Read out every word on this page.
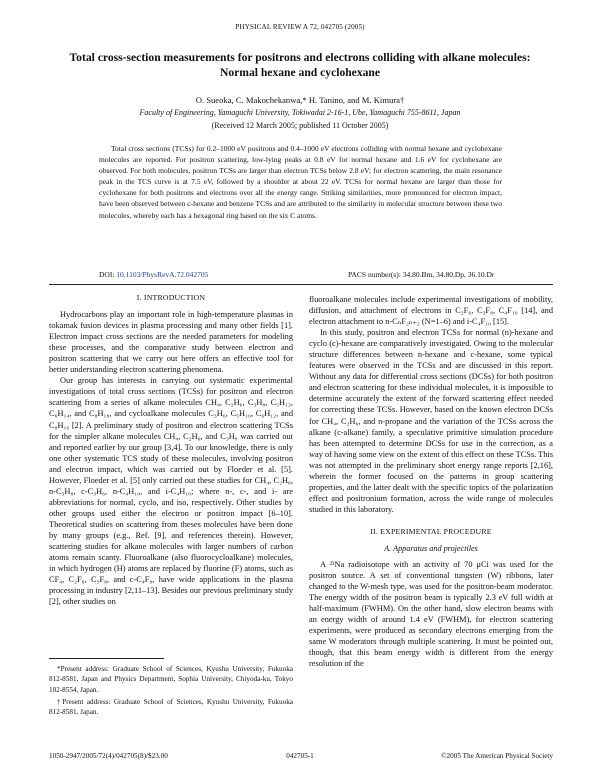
PHYSICAL REVIEW A 72, 042705 (2005)
Total cross-section measurements for positrons and electrons colliding with alkane molecules:
Normal hexane and cyclohexane
O. Sueoka, C. Makochekanwa,* H. Tanino, and M. Kimura†
Faculty of Engineering, Yamaguchi University, Tokiwadai 2-16-1, Ube, Yamaguchi 755-8611, Japan
(Received 12 March 2005; published 11 October 2005)
Total cross sections (TCSs) for 0.2–1000 eV positrons and 0.4–1000 eV electrons colliding with normal hexane and cyclohexane molecules are reported. For positron scattering, low-lying peaks at 0.8 eV for normal hexane and 1.6 eV for cyclohexane are observed. For both molecules, positron TCSs are larger than electron TCSs below 2.8 eV; for electron scattering, the main resonance peak in the TCS curve is at 7.5 eV, followed by a shoulder at about 22 eV. TCSs for normal hexane are larger than those for cyclohexane for both positrons and electrons over all the energy range. Striking similarities, more pronounced for electron impact, have been observed between c-hexane and benzene TCSs and are attributed to the similarity in molecular structure between these two molecules, whereby each has a hexagonal ring based on the six C atoms.
DOI: 10.1103/PhysRevA.72.042705	PACS number(s): 34.80.Bm, 34.80.Dp, 36.10.Dr
I. INTRODUCTION

Hydrocarbons play an important role in high-temperature plasmas in tokamak fusion devices in plasma processing and many other fields [1]. Electron impact cross sections are the needed parameters for modeling these processes, and the comparative study between electron and positron scattering that we carry out here offers an effective tool for better understanding electron scattering phenomena.

Our group has interests in carrying out systematic experimental investigations of total cross sections (TCSs) for positron and electron scattering from a series of alkane molecules CH₄, C₂H₆, C₃H₈, C₅H₁₂, C₆H₁₄, and C₈H₁₈, and cycloalkane molecules C₃H₆, C₅H₁₀, C₆H₁₂, and C₈H₁₆ [2]. A preliminary study of positron and electron scattering TCSs for the simpler alkane molecules CH₄, C₂H₆, and C₃H₈ was carried out and reported earlier by our group [3,4]. To our knowledge, there is only one other systematic TCS study of these molecules, involving positron and electron impact, which was carried out by Floeder et al. [5]. However, Floeder et al. [5] only carried out these studies for CH₄, C₂H₆, n-C₃H₈, c-C₃H₆, n-C₄H₁₀, and i-C₄H₁₀; where n-, c-, and i- are abbreviations for normal, cyclo, and iso, respectively. Other studies by other groups used either the electron or positron impact [6–10]. Theoretical studies on scattering from theses molecules have been done by many groups (e.g., Ref. [9], and references therein). However, scattering studies for alkane molecules with larger numbers of carbon atoms remain scanty. Fluoroalkane (also fluorocycloalkane) molecules, in which hydrogen (H) atoms are replaced by fluorine (F) atoms, such as CF₄, C₂F₆, C₃F₈, and c-C₄F₈, have wide applications in the plasma processing in industry [2,11–13]. Besides our previous preliminary study [2], other studies on

fluoroalkane molecules include experimental investigations of mobility, diffusion, and attachment of electrons in C₂F₆, C₃F₈, C₄F₁₀ [14], and electron attachment to n-CₙF₂ₙ₊₂ (N=1–6) and i-C₄F₁₀ [15].

In this study, positron and electron TCSs for normal (n)-hexane and cyclo (c)-hexane are comparatively investigated. Owing to the molecular structure differences between n-hexane and c-hexane, some typical features were observed in the TCSs and are discussed in this report. Without any data for differential cross sections (DCSs) for both positron and electron scattering for these individual molecules, it is impossible to determine accurately the extent of the forward scattering effect needed for correcting these TCSs. However, based on the known electron DCSs for CH₄, C₂H₆, and n-propane and the variation of the TCSs across the alkane (c-alkane) family, a speculative primitive simulation procedure has been attempted to determine DCSs for use in the correction, as a way of having some view on the extent of this effect on these TCSs. This was not attempted in the preliminary short energy range reports [2,16], wherein the former focused on the patterns in group scattering properties, and the latter dealt with the specific topics of the polarization effect and positronium formation, across the wide range of molecules studied in this laboratory.

II. EXPERIMENTAL PROCEDURE
A. Apparatus and projectiles

A ²²Na radioisotope with an activity of 70 μCi was used for the positron source. A set of conventional tungsten (W) ribbons, later changed to the W-mesh type, was used for the positron-beam moderator. The energy width of the positron beam is typically 2.3 eV full width at half-maximum (FWHM). On the other hand, slow electron beams with an energy width of around 1.4 eV (FWHM), for electron scattering experiments, were produced as secondary electrons emerging from the same W moderators through multiple scattering. It must be pointed out, though, that this beam energy width is different from the energy resolution of the

*Present address: Graduate School of Sciences, Kyushu University, Fukuoka 812-8581, Japan and Physics Department, Sophia University, Chiyoda-ku, Tokyo 102-8554, Japan.

†Present address: Graduate School of Sciences, Kyushu University, Fukuoka 812-8581, Japan.

1050-2947/2005/72(4)/042705(8)/$23.00	042705-1	©2005 The American Physical Society
